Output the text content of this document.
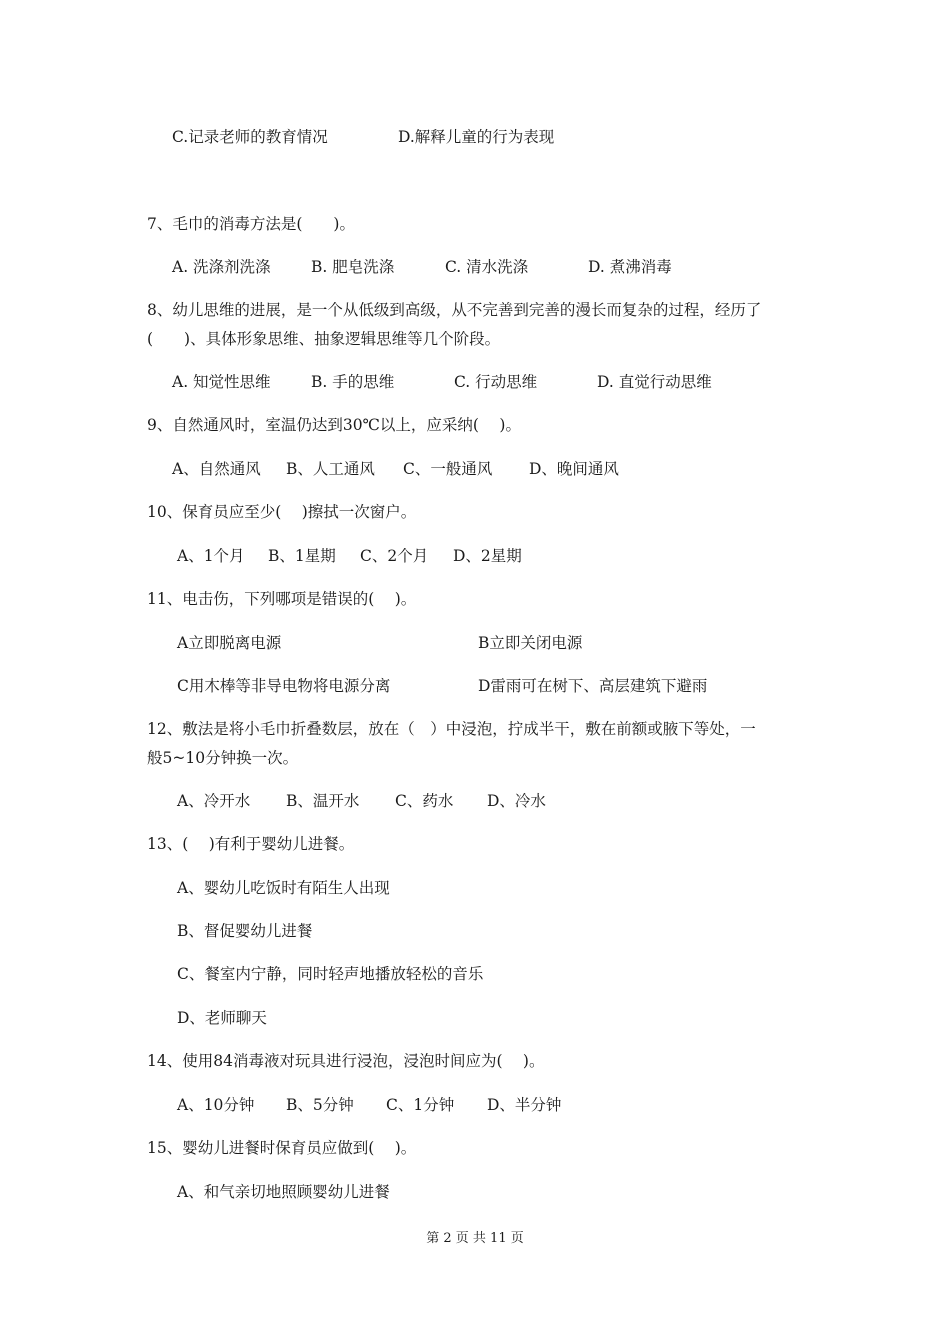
C.记录老师的教育情况	D.解释儿童的行为表现
7、毛巾的消毒方法是(　　)。
A. 洗涤剂洗涤	B. 肥皂洗涤	C. 清水洗涤	D. 煮沸消毒
8、幼儿思维的进展，是一个从低级到高级，从不完善到完善的漫长而复杂的过程，经历了
(　　)、具体形象思维、抽象逻辑思维等几个阶段。
A. 知觉性思维	B. 手的思维	C. 行动思维	D. 直觉行动思维
9、自然通风时，室温仍达到30℃以上，应采纳(　 )。
A、自然通风 B、人工通风 C、一般通风 D、晚间通风
10、保育员应至少(　 )擦拭一次窗户。
A、1个月 B、1星期 C、2个月 D、2星期
11、电击伤，下列哪项是错误的(　 )。
A立即脱离电源	B立即关闭电源
C用木棒等非导电物将电源分离	D雷雨可在树下、高层建筑下避雨
12、敷法是将小毛巾折叠数层，放在（　）中浸泡，拧成半干，敷在前额或腋下等处，一
般5~10分钟换一次。
A、冷开水 B、温开水 C、药水 D、冷水
13、(　 )有利于婴幼儿进餐。
A、婴幼儿吃饭时有陌生人出现
B、督促婴幼儿进餐
C、餐室内宁静，同时轻声地播放轻松的音乐
D、老师聊天
14、使用84消毒液对玩具进行浸泡，浸泡时间应为(　 )。
A、10分钟 B、5分钟 C、1分钟 D、半分钟
15、婴幼儿进餐时保育员应做到(　 )。
A、和气亲切地照顾婴幼儿进餐
第 2 页 共 11 页
